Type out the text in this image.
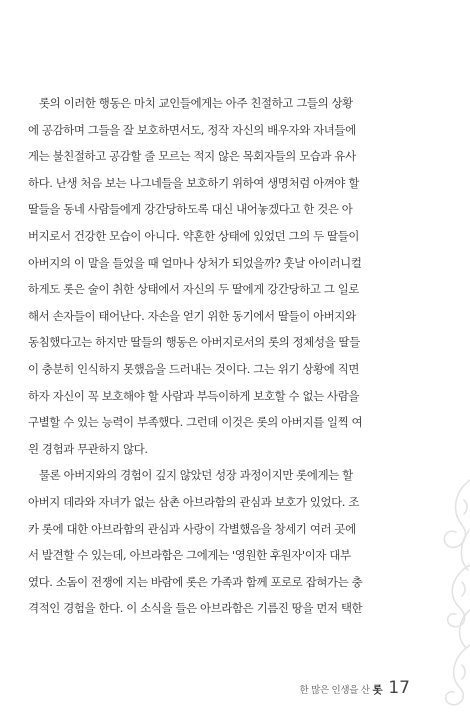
롯의 이러한 행동은 마치 교인들에게는 아주 친절하고 그들의 상황

에 공감하며 그들을 잘 보호하면서도, 정작 자신의 배우자와 자녀들에

게는 불친절하고 공감할 줄 모르는 적지 않은 목회자들의 모습과 유사

하다. 난생 처음 보는 나그네들을 보호하기 위하여 생명처럼 아껴야 할

딸들을 동네 사람들에게 강간당하도록 대신 내어놓겠다고 한 것은 아

버지로서 건강한 모습이 아니다. 약혼한 상태에 있었던 그의 두 딸들이

아버지의 이 말을 들었을 때 얼마나 상처가 되었을까? 훗날 아이러니컬

하게도 롯은 술이 취한 상태에서 자신의 두 딸에게 강간당하고 그 일로

해서 손자들이 태어난다. 자손을 얻기 위한 동기에서 딸들이 아버지와

동침했다고는 하지만 딸들의 행동은 아버지로서의 롯의 정체성을 딸들

이 충분히 인식하지 못했음을 드러내는 것이다. 그는 위기 상황에 직면

하자 자신이 꼭 보호해야 할 사람과 부득이하게 보호할 수 없는 사람을

구별할 수 있는 능력이 부족했다. 그런데 이것은 롯의 아버지를 일찍 여

읜 경험과 무관하지 않다.

물론 아버지와의 경험이 깊지 않았던 성장 과정이지만 롯에게는 할

아버지 데라와 자녀가 없는 삼촌 아브라함의 관심과 보호가 있었다. 조

카 롯에 대한 아브라함의 관심과 사랑이 각별했음을 창세기 여러 곳에

서 발견할 수 있는데, 아브라함은 그에게는 '영원한 후원자'이자 대부

였다. 소돔이 전쟁에 지는 바람에 롯은 가족과 함께 포로로 잡혀가는 충

격적인 경험을 한다. 이 소식을 들은 아브라함은 기름진 땅을 먼저 택한

한 많은 인생을 산 롯 17
